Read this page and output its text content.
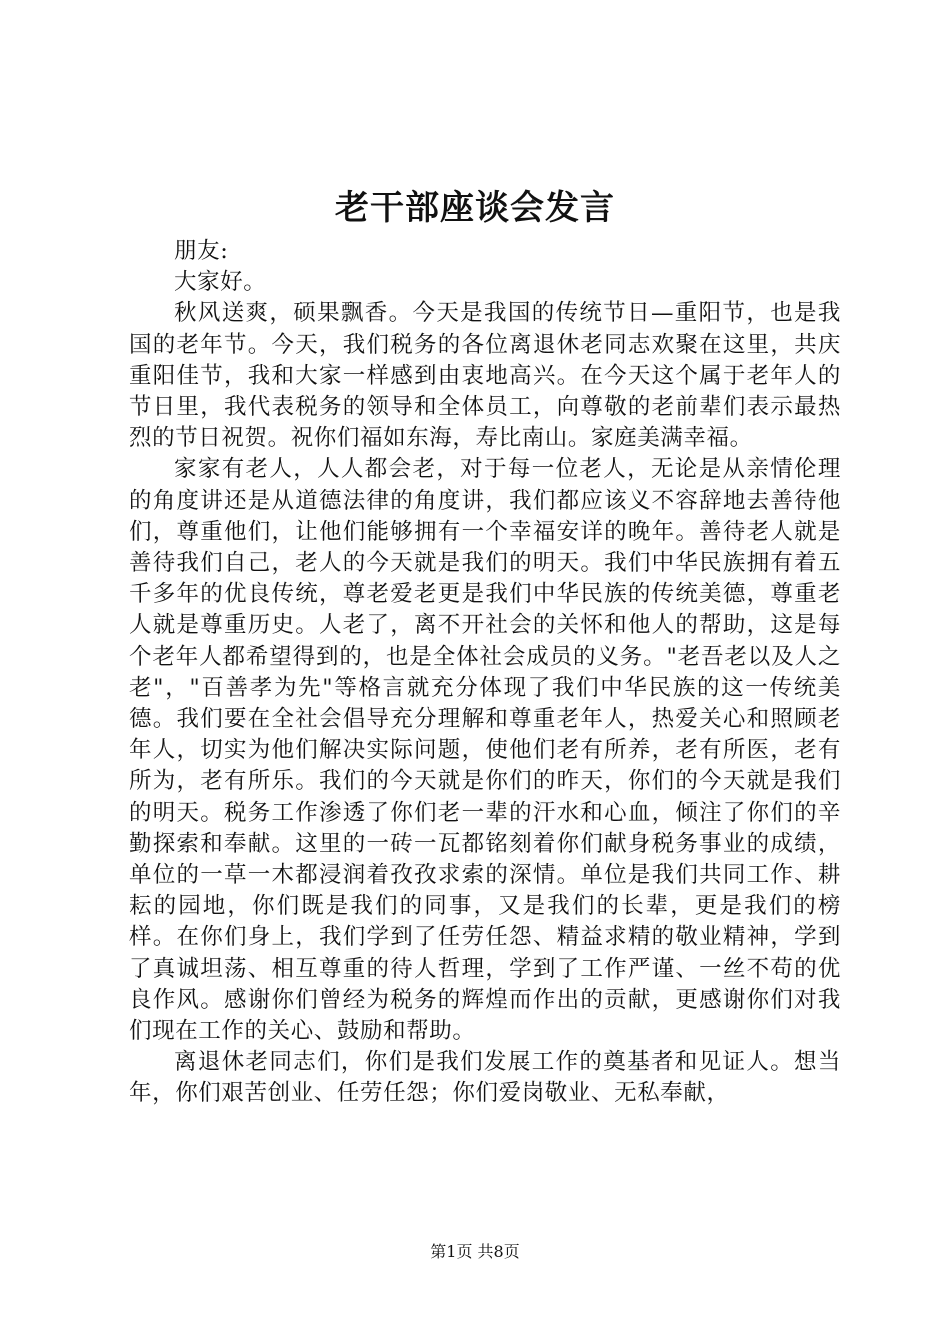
老干部座谈会发言

朋友:

大家好。

秋风送爽，硕果飘香。今天是我国的传统节日—重阳节，也是我国的老年节。今天，我们税务的各位离退休老同志欢聚在这里，共庆重阳佳节，我和大家一样感到由衷地高兴。在今天这个属于老年人的节日里，我代表税务的领导和全体员工，向尊敬的老前辈们表示最热烈的节日祝贺。祝你们福如东海，寿比南山。家庭美满幸福。

家家有老人，人人都会老，对于每一位老人，无论是从亲情伦理的角度讲还是从道德法律的角度讲，我们都应该义不容辞地去善待他们，尊重他们，让他们能够拥有一个幸福安详的晚年。善待老人就是善待我们自己，老人的今天就是我们的明天。我们中华民族拥有着五千多年的优良传统，尊老爱老更是我们中华民族的传统美德，尊重老人就是尊重历史。人老了，离不开社会的关怀和他人的帮助，这是每个老年人都希望得到的，也是全体社会成员的义务。"老吾老以及人之老"，"百善孝为先"等格言就充分体现了我们中华民族的这一传统美德。我们要在全社会倡导充分理解和尊重老年人，热爱关心和照顾老年人，切实为他们解决实际问题，使他们老有所养，老有所医，老有所为，老有所乐。我们的今天就是你们的昨天，你们的今天就是我们的明天。税务工作渗透了你们老一辈的汗水和心血，倾注了你们的辛勤探索和奉献。这里的一砖一瓦都铭刻着你们献身税务事业的成绩，单位的一草一木都浸润着孜孜求索的深情。单位是我们共同工作、耕耘的园地，你们既是我们的同事，又是我们的长辈，更是我们的榜样。在你们身上，我们学到了任劳任怨、精益求精的敬业精神，学到了真诚坦荡、相互尊重的待人哲理，学到了工作严谨、一丝不苟的优良作风。感谢你们曾经为税务的辉煌而作出的贡献，更感谢你们对我们现在工作的关心、鼓励和帮助。

离退休老同志们，你们是我们发展工作的奠基者和见证人。想当年，你们艰苦创业、任劳任怨；你们爱岗敬业、无私奉献，

第1页 共8页
